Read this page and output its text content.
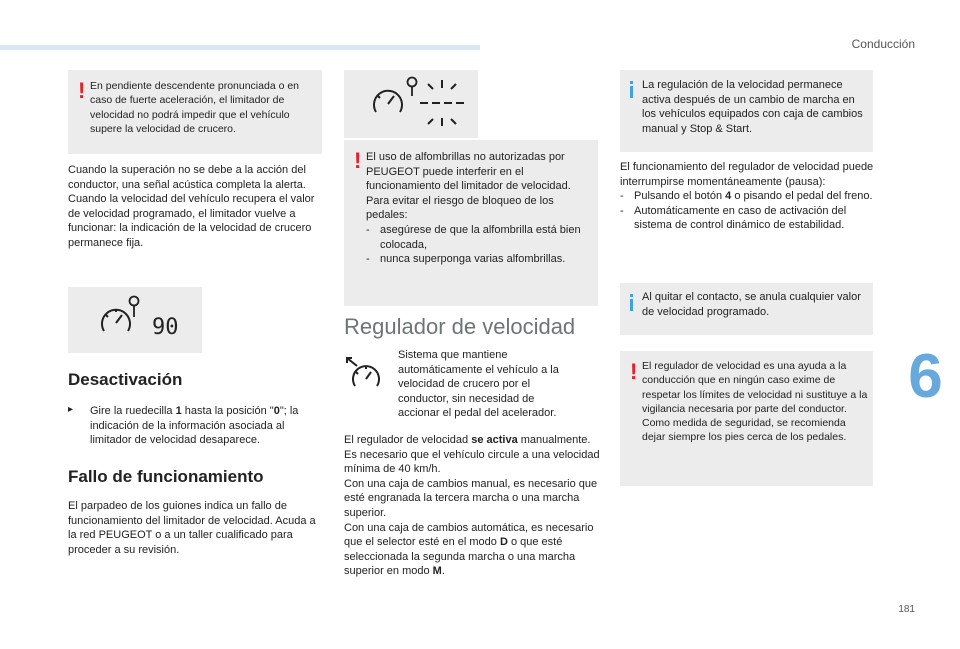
Conducción
! En pendiente descendente pronunciada o en caso de fuerte aceleración, el limitador de velocidad no podrá impedir que el vehículo supere la velocidad de crucero.

Cuando la superación no se debe a la acción del conductor, una señal acústica completa la alerta.

Cuando la velocidad del vehículo recupera el valor de velocidad programado, el limitador vuelve a funcionar: la indicación de la velocidad de crucero permanece fija.

90
Desactivación
▸	Gire la ruedecilla 1 hasta la posición "0"; la indicación de la información asociada al limitador de velocidad desaparece.

Fallo de funcionamiento

El parpadeo de los guiones indica un fallo de funcionamiento del limitador de velocidad. Acuda a la red PEUGEOT o a un taller cualificado para proceder a su revisión.

! El uso de alfombrillas no autorizadas por PEUGEOT puede interferir en el funcionamiento del limitador de velocidad.

Para evitar el riesgo de bloqueo de los pedales:

- asegúrese de que la alfombrilla está bien colocada,
- nunca superponga varias alfombrillas.
Regulador de velocidad

Sistema que mantiene automáticamente el vehículo a la velocidad de crucero por el conductor, sin necesidad de accionar el pedal del acelerador.

El regulador de velocidad se activa manualmente.

Es necesario que el vehículo circule a una velocidad mínima de 40 km/h.

Con una caja de cambios manual, es necesario que esté engranada la tercera marcha o una marcha superior.

Con una caja de cambios automática, es necesario que el selector esté en el modo D o que esté seleccionada la segunda marcha o una marcha superior en modo M.

La regulación de la velocidad permanece activa después de un cambio de marcha en los vehículos equipados con caja de cambios manual y Stop & Start.

El funcionamiento del regulador de velocidad puede interrumpirse momentáneamente (pausa):

- Pulsando el botón 4 o pisando el pedal del freno.
- Automáticamente en caso de activación del sistema de control dinámico de estabilidad.

Al quitar el contacto, se anula cualquier valor de velocidad programado.

! El regulador de velocidad es una ayuda a la conducción que en ningún caso exime de respetar los límites de velocidad ni sustituye a la vigilancia necesaria por parte del conductor.

Como medida de seguridad, se recomienda dejar siempre los pies cerca de los pedales.

6
181
